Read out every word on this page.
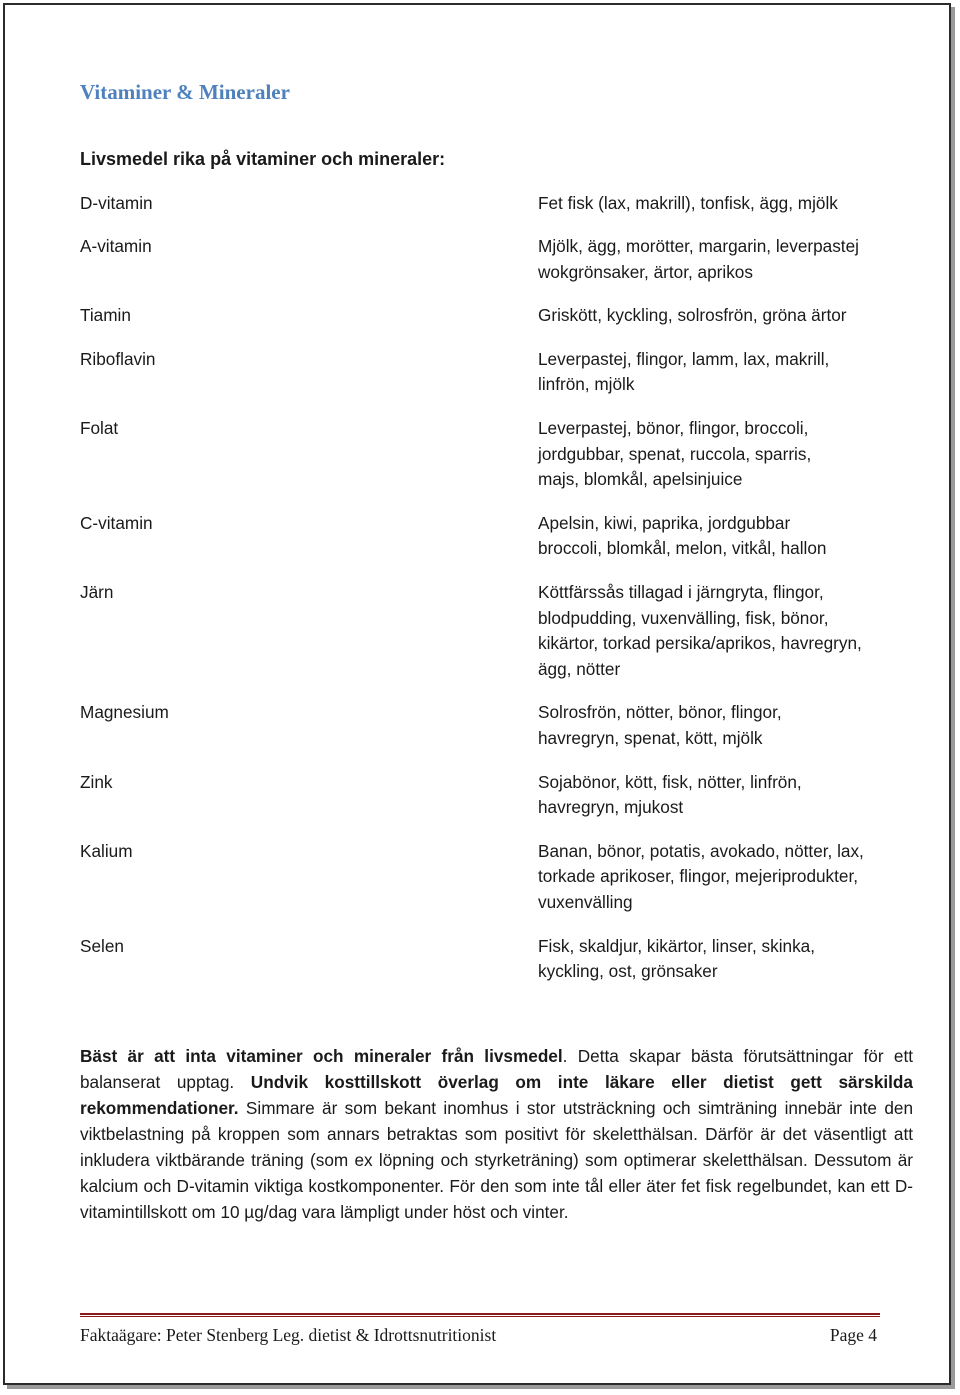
Vitaminer & Mineraler
Livsmedel rika på vitaminer och mineraler:
D-vitamin	Fet fisk (lax, makrill), tonfisk, ägg, mjölk
A-vitamin	Mjölk, ägg, morötter, margarin, leverpastej
wokgrönsaker, ärtor, aprikos
Tiamin	Griskött, kyckling, solrosfrön, gröna ärtor
Riboflavin	Leverpastej, flingor, lamm, lax, makrill,
linfrön, mjölk
Folat	Leverpastej, bönor, flingor, broccoli,
jordgubbar, spenat, ruccola, sparris,
majs, blomkål, apelsinjuice
C-vitamin	Apelsin, kiwi, paprika, jordgubbar
broccoli, blomkål, melon, vitkål, hallon
Järn	Köttfärssås tillagad i järngryta, flingor,
blodpudding, vuxenvälling, fisk, bönor,
kikärtor, torkad persika/aprikos, havregryn,
ägg, nötter
Magnesium	Solrosfrön, nötter, bönor, flingor,
havregryn, spenat, kött, mjölk
Zink	Sojabönor, kött, fisk, nötter, linfrön,
havregryn, mjukost
Kalium	Banan, bönor, potatis, avokado, nötter, lax,
torkade aprikoser, flingor, mejeriprodukter,
vuxenvälling
Selen	Fisk, skaldjur, kikärtor, linser, skinka,
kyckling, ost, grönsaker

Bäst är att inta vitaminer och mineraler från livsmedel. Detta skapar bästa förutsättningar för ett balanserat upptag. Undvik kosttillskott överlag om inte läkare eller dietist gett särskilda rekommendationer. Simmare är som bekant inomhus i stor utsträckning och simträning innebär inte den viktbelastning på kroppen som annars betraktas som positivt för skeletthälsan. Därför är det väsentligt att inkludera viktbärande träning (som ex löpning och styrketräning) som optimerar skeletthälsan. Dessutom är kalcium och D-vitamin viktiga kostkomponenter. För den som inte tål eller äter fet fisk regelbundet, kan ett D-vitamintillskott om 10 µg/dag vara lämpligt under höst och vinter.

Faktaägare: Peter Stenberg Leg. dietist & Idrottsnutritionist	Page 4
